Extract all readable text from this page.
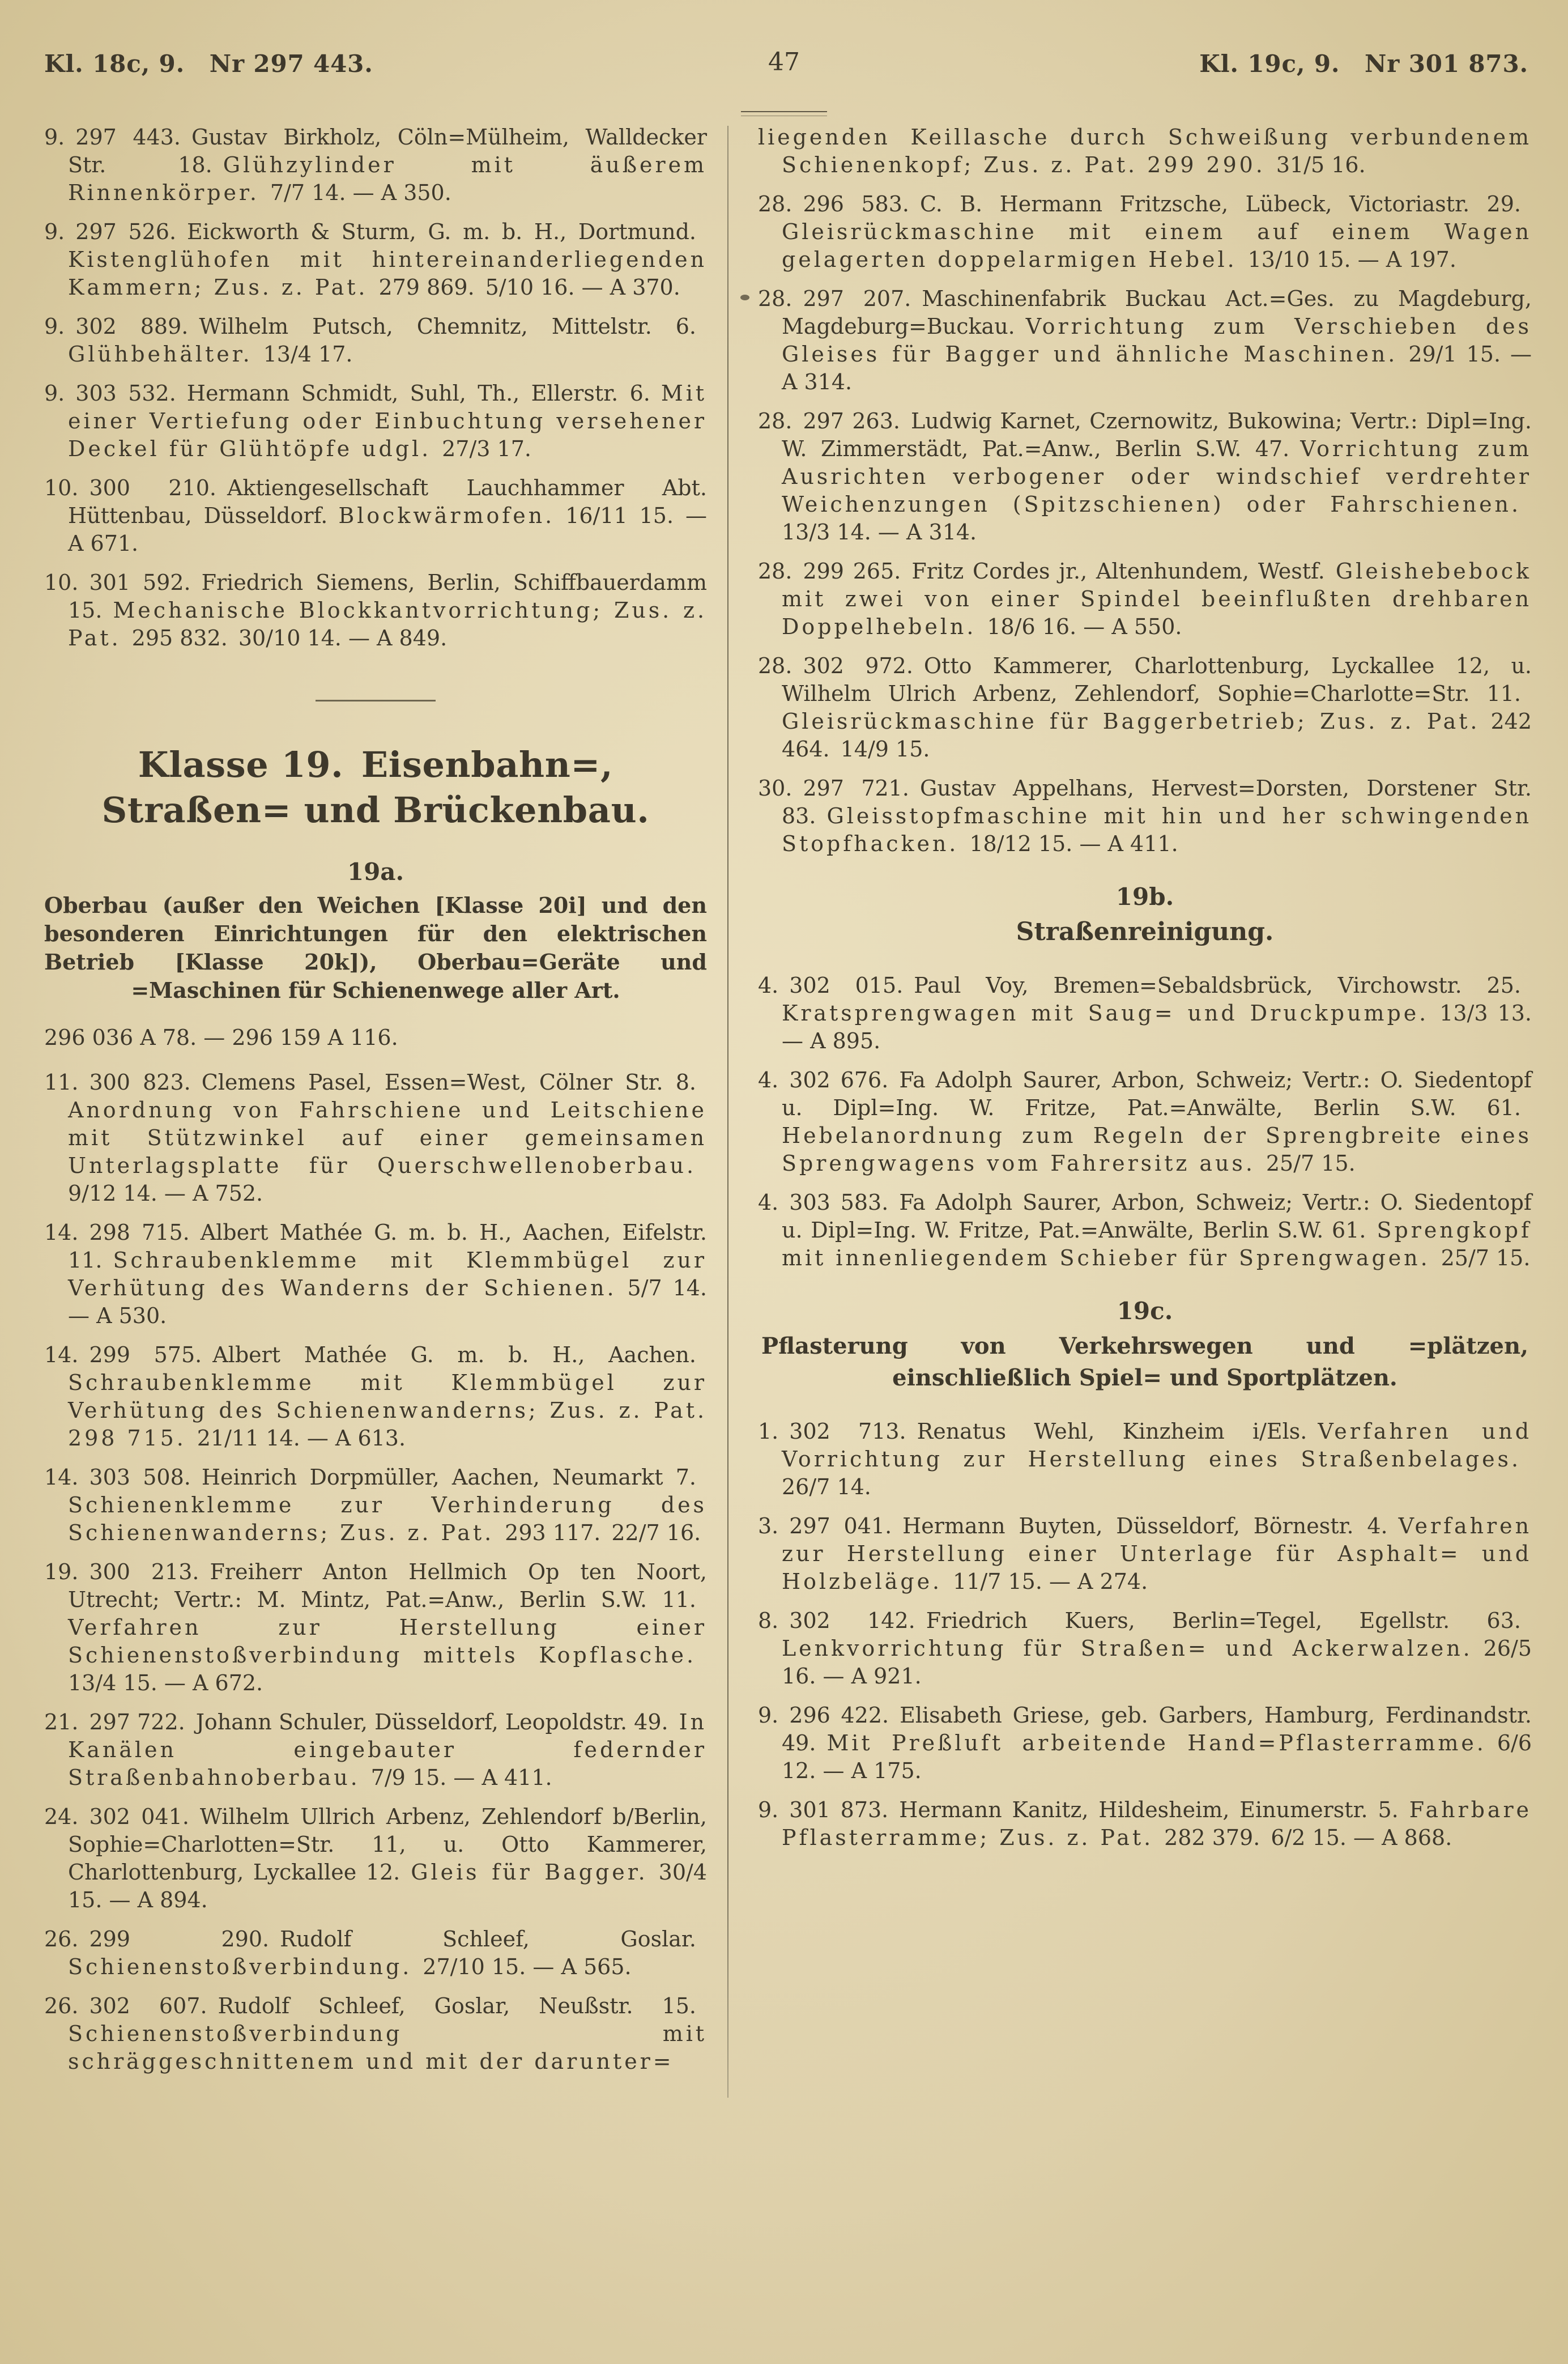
Kl. 18c, 9.  Nr 297 443.	Kl. 19c, 9.  Nr 301 873.
47

9. 297 443. Gustav Birkholz, Cöln=Mülheim, Walldecker Str. 18. Glühzylinder mit äußerem Rinnenkörper. 7/7 14. — A 350.

9. 297 526. Eickworth & Sturm, G. m. b. H., Dortmund. Kistenglühofen mit hintereinanderliegenden Kammern; Zus. z. Pat. 279 869. 5/10 16. — A 370.

9. 302 889. Wilhelm Putsch, Chemnitz, Mittelstr. 6. Glühbehälter. 13/4 17.

9. 303 532. Hermann Schmidt, Suhl, Th., Ellerstr. 6. Mit einer Vertiefung oder Einbuchtung versehener Deckel für Glühtöpfe udgl. 27/3 17.

10. 300 210. Aktiengesellschaft Lauchhammer Abt. Hüttenbau, Düsseldorf. Blockwärmofen. 16/11 15. — A 671.

10. 301 592. Friedrich Siemens, Berlin, Schiffbauerdamm 15. Mechanische Blockkantvorrichtung; Zus. z. Pat. 295 832. 30/10 14. — A 849.

Klasse 19. Eisenbahn=, Straßen= und Brückenbau.
19a.

Oberbau (außer den Weichen [Klasse 20i] und den besonderen Einrichtungen für den elektrischen Betrieb [Klasse 20k]), Oberbau=Geräte und =Maschinen für Schienenwege aller Art.

296 036 A 78. — 296 159 A 116.

11. 300 823. Clemens Pasel, Essen=West, Cölner Str. 8. Anordnung von Fahrschiene und Leitschiene mit Stützwinkel auf einer gemeinsamen Unterlagsplatte für Querschwellenoberbau. 9/12 14. — A 752.

14. 298 715. Albert Mathée G. m. b. H., Aachen, Eifelstr. 11. Schraubenklemme mit Klemmbügel zur Verhütung des Wanderns der Schienen. 5/7 14. — A 530.

14. 299 575. Albert Mathée G. m. b. H., Aachen. Schraubenklemme mit Klemmbügel zur Verhütung des Schienenwanderns; Zus. z. Pat. 298 715. 21/11 14. — A 613.

14. 303 508. Heinrich Dorpmüller, Aachen, Neumarkt 7. Schienenklemme zur Verhinderung des Schienenwanderns; Zus. z. Pat. 293 117. 22/7 16.

19. 300 213. Freiherr Anton Hellmich Op ten Noort, Utrecht; Vertr.: M. Mintz, Pat.=Anw., Berlin S.W. 11. Verfahren zur Herstellung einer Schienenstoßverbindung mittels Kopflasche. 13/4 15. — A 672.

21. 297 722. Johann Schuler, Düsseldorf, Leopoldstr. 49. In Kanälen eingebauter federnder Straßenbahnoberbau. 7/9 15. — A 411.

24. 302 041. Wilhelm Ullrich Arbenz, Zehlendorf b/Berlin, Sophie=Charlotten=Str. 11, u. Otto Kammerer, Charlottenburg, Lyckallee 12. Gleis für Bagger. 30/4 15. — A 894.

26. 299 290. Rudolf Schleef, Goslar. Schienenstoßverbindung. 27/10 15. — A 565.

26. 302 607. Rudolf Schleef, Goslar, Neußstr. 15. Schienenstoßverbindung mit schräggeschnittenem und mit der darunter=

liegenden Keillasche durch Schweißung verbundenem Schienenkopf; Zus. z. Pat. 299 290. 31/5 16.

28. 296 583. C. B. Hermann Fritzsche, Lübeck, Victoriastr. 29. Gleisrückmaschine mit einem auf einem Wagen gelagerten doppelarmigen Hebel. 13/10 15. — A 197.

28. 297 207. Maschinenfabrik Buckau Act.=Ges. zu Magdeburg, Magdeburg=Buckau. Vorrichtung zum Verschieben des Gleises für Bagger und ähnliche Maschinen. 29/1 15. — A 314.

28. 297 263. Ludwig Karnet, Czernowitz, Bukowina; Vertr.: Dipl=Ing. W. Zimmerstädt, Pat.=Anw., Berlin S.W. 47. Vorrichtung zum Ausrichten verbogener oder windschief verdrehter Weichenzungen (Spitzschienen) oder Fahrschienen. 13/3 14. — A 314.

28. 299 265. Fritz Cordes jr., Altenhundem, Westf. Gleishebebock mit zwei von einer Spindel beeinflußten drehbaren Doppelhebeln. 18/6 16. — A 550.

28. 302 972. Otto Kammerer, Charlottenburg, Lyckallee 12, u. Wilhelm Ulrich Arbenz, Zehlendorf, Sophie=Charlotte=Str. 11. Gleisrückmaschine für Baggerbetrieb; Zus. z. Pat. 242 464. 14/9 15.

30. 297 721. Gustav Appelhans, Hervest=Dorsten, Dorstener Str. 83. Gleisstopfmaschine mit hin und her schwingenden Stopfhacken. 18/12 15. — A 411.

19b.

Straßenreinigung.

4. 302 015. Paul Voy, Bremen=Sebaldsbrück, Virchowstr. 25. Kratsprengwagen mit Saug= und Druckpumpe. 13/3 13. — A 895.

4. 302 676. Fa Adolph Saurer, Arbon, Schweiz; Vertr.: O. Siedentopf u. Dipl=Ing. W. Fritze, Pat.=Anwälte, Berlin S.W. 61. Hebelanordnung zum Regeln der Sprengbreite eines Sprengwagens vom Fahrersitz aus. 25/7 15.

4. 303 583. Fa Adolph Saurer, Arbon, Schweiz; Vertr.: O. Siedentopf u. Dipl=Ing. W. Fritze, Pat.=Anwälte, Berlin S.W. 61. Sprengkopf mit innenliegendem Schieber für Sprengwagen. 25/7 15.

19c.

Pflasterung von Verkehrswegen und =plätzen, einschließlich Spiel= und Sportplätzen.

1. 302 713. Renatus Wehl, Kinzheim i/Els. Verfahren und Vorrichtung zur Herstellung eines Straßenbelages. 26/7 14.

3. 297 041. Hermann Buyten, Düsseldorf, Börnestr. 4. Verfahren zur Herstellung einer Unterlage für Asphalt= und Holzbeläge. 11/7 15. — A 274.

8. 302 142. Friedrich Kuers, Berlin=Tegel, Egellstr. 63. Lenkvorrichtung für Straßen= und Ackerwalzen. 26/5 16. — A 921.

9. 296 422. Elisabeth Griese, geb. Garbers, Hamburg, Ferdinandstr. 49. Mit Preßluft arbeitende Hand=Pflasterramme. 6/6 12. — A 175.

9. 301 873. Hermann Kanitz, Hildesheim, Einumerstr. 5. Fahrbare Pflasterramme; Zus. z. Pat. 282 379. 6/2 15. — A 868.
